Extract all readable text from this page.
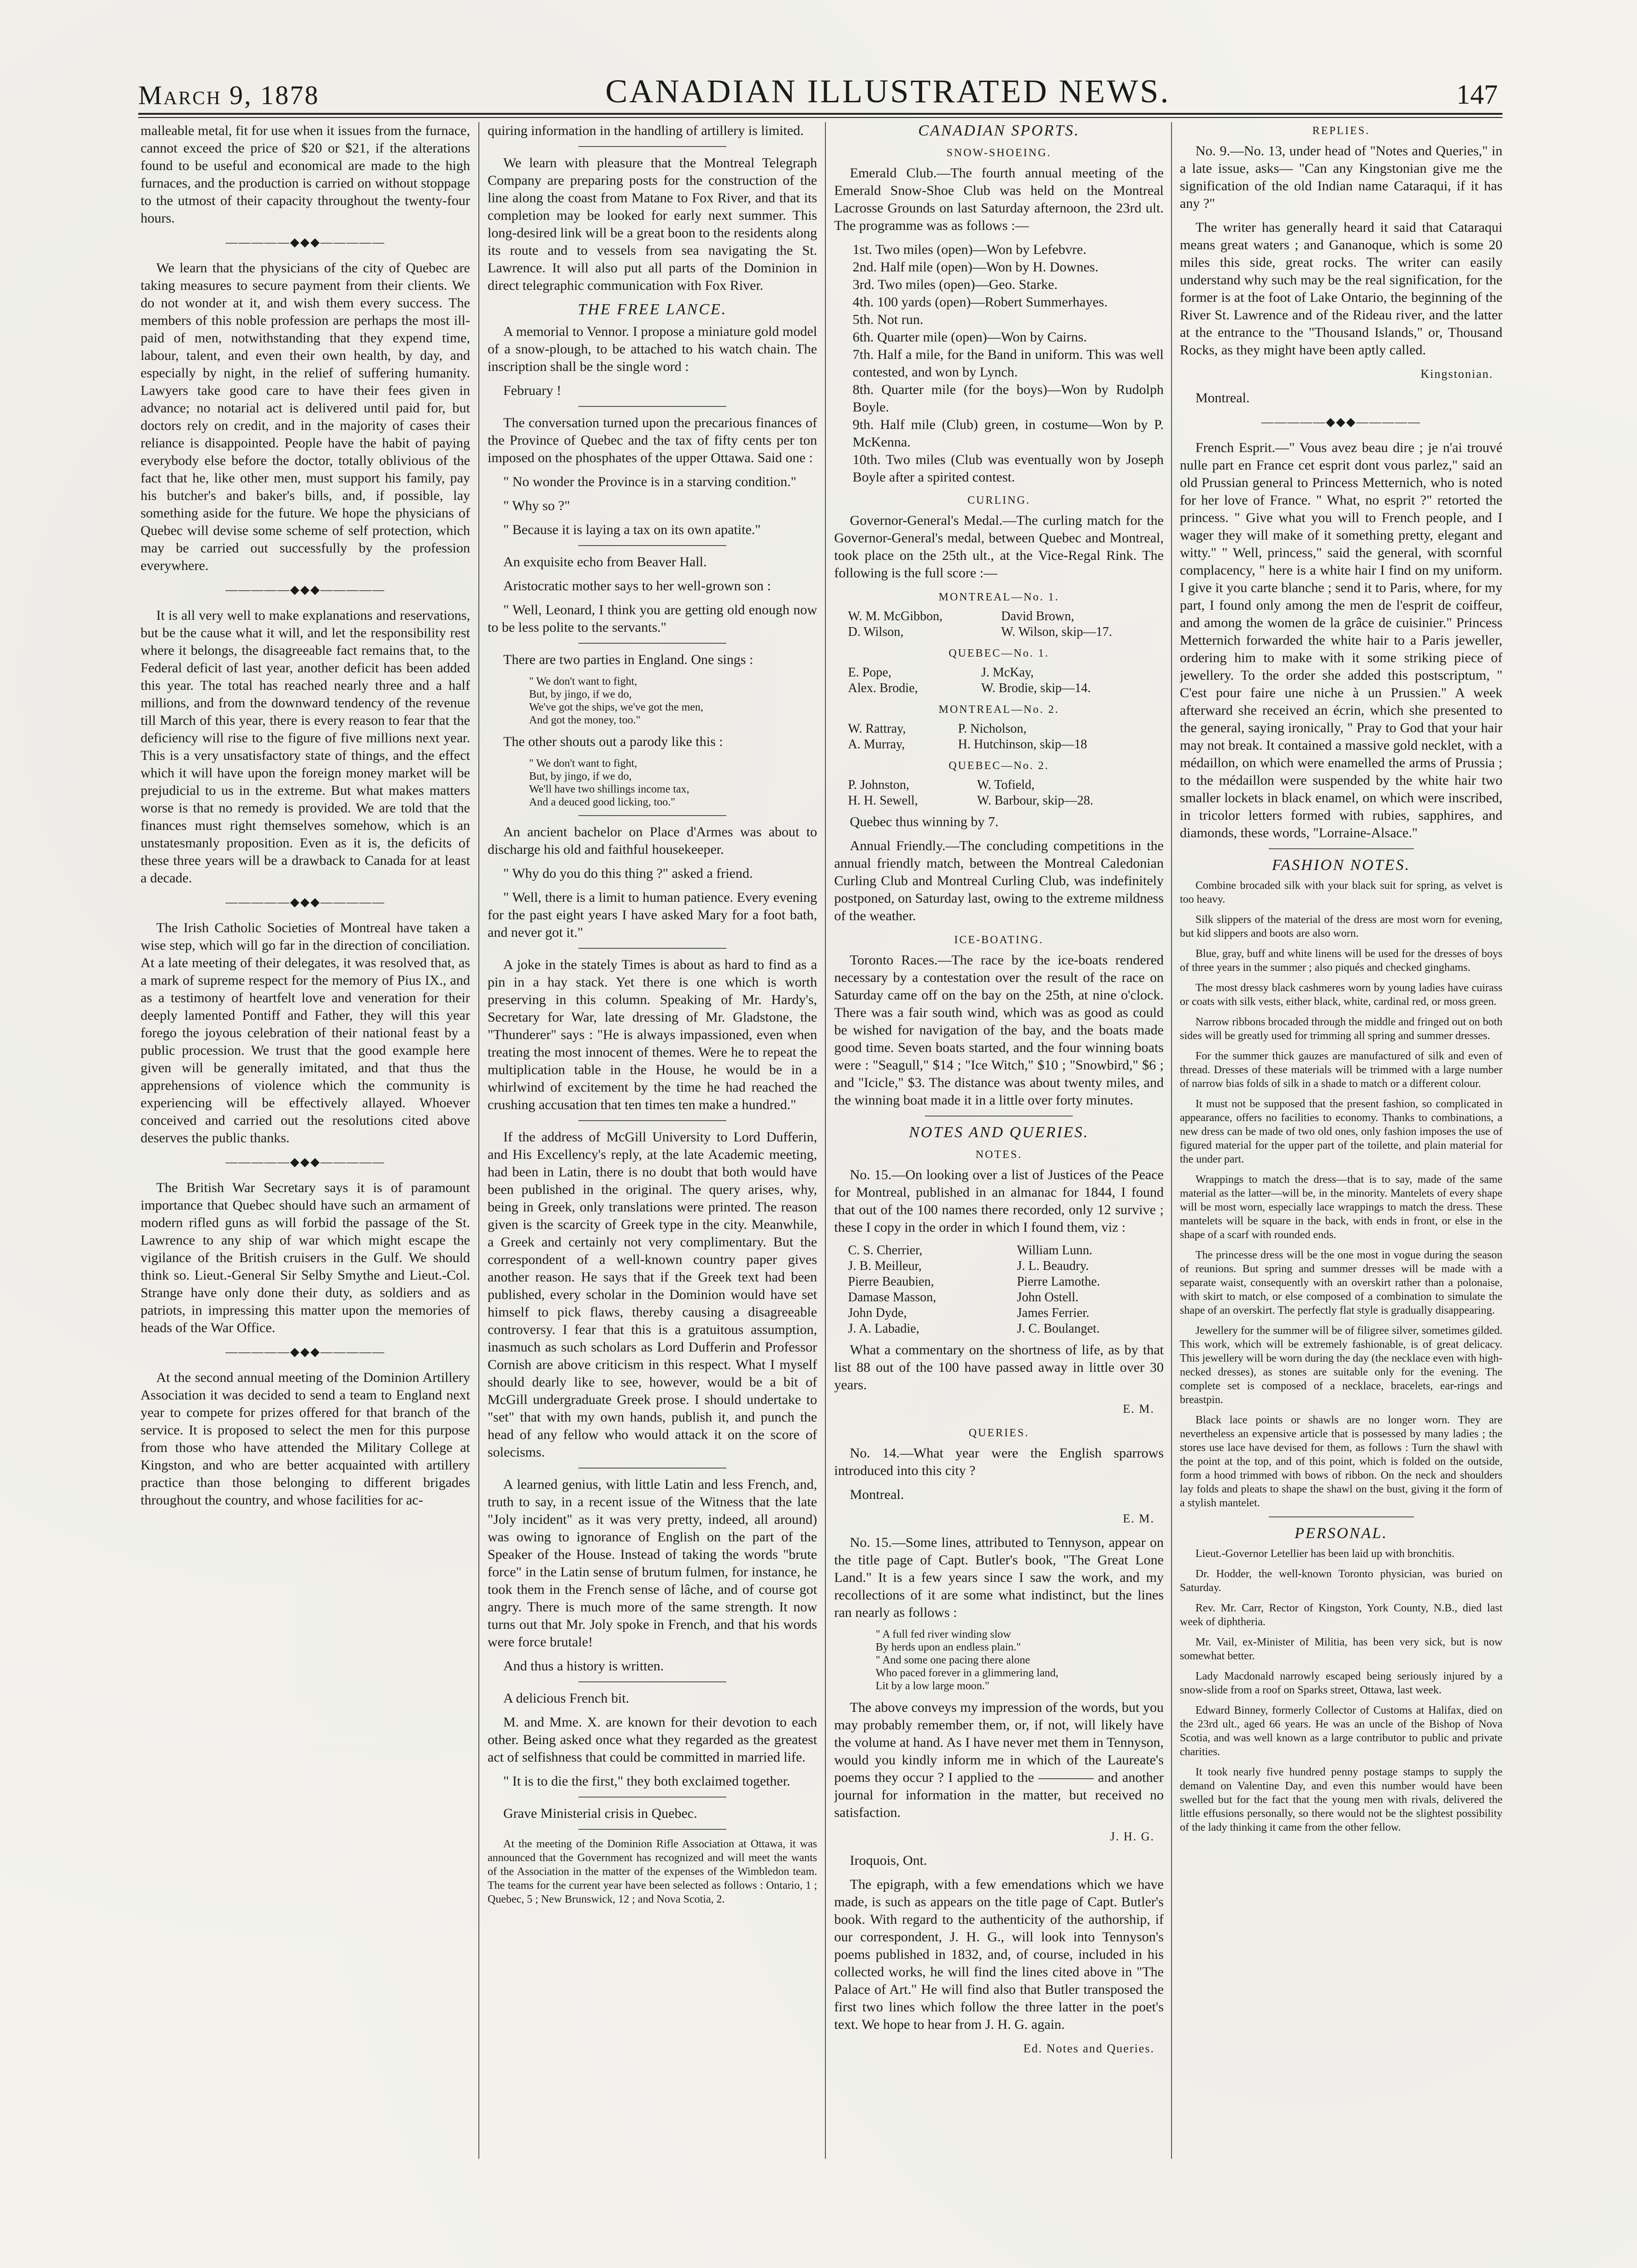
March 9, 1878	CANADIAN ILLUSTRATED NEWS.	147

malleable metal, fit for use when it issues from the furnace, cannot exceed the price of $20 or $21, if the alterations found to be useful and economical are made to the high furnaces, and the production is carried on without stoppage to the utmost of their capacity throughout the twenty-four hours.

—————◆◆◆—————

We learn that the physicians of the city of Quebec are taking measures to secure payment from their clients. We do not wonder at it, and wish them every success. The members of this noble profession are perhaps the most ill-paid of men, notwithstanding that they expend time, labour, talent, and even their own health, by day, and especially by night, in the relief of suffering humanity. Lawyers take good care to have their fees given in advance; no notarial act is delivered until paid for, but doctors rely on credit, and in the majority of cases their reliance is disappointed. People have the habit of paying everybody else before the doctor, totally oblivious of the fact that he, like other men, must support his family, pay his butcher's and baker's bills, and, if possible, lay something aside for the future. We hope the physicians of Quebec will devise some scheme of self protection, which may be carried out successfully by the profession everywhere.

—————◆◆◆—————

It is all very well to make explanations and reservations, but be the cause what it will, and let the responsibility rest where it belongs, the disagreeable fact remains that, to the Federal deficit of last year, another deficit has been added this year. The total has reached nearly three and a half millions, and from the downward tendency of the revenue till March of this year, there is every reason to fear that the deficiency will rise to the figure of five millions next year. This is a very unsatisfactory state of things, and the effect which it will have upon the foreign money market will be prejudicial to us in the extreme. But what makes matters worse is that no remedy is provided. We are told that the finances must right themselves somehow, which is an unstatesmanly proposition. Even as it is, the deficits of these three years will be a drawback to Canada for at least a decade.

—————◆◆◆—————

The Irish Catholic Societies of Montreal have taken a wise step, which will go far in the direction of conciliation. At a late meeting of their delegates, it was resolved that, as a mark of supreme respect for the memory of Pius IX., and as a testimony of heartfelt love and veneration for their deeply lamented Pontiff and Father, they will this year forego the joyous celebration of their national feast by a public procession. We trust that the good example here given will be generally imitated, and that thus the apprehensions of violence which the community is experiencing will be effectively allayed. Whoever conceived and carried out the resolutions cited above deserves the public thanks.

—————◆◆◆—————

The British War Secretary says it is of paramount importance that Quebec should have such an armament of modern rifled guns as will forbid the passage of the St. Lawrence to any ship of war which might escape the vigilance of the British cruisers in the Gulf. We should think so. Lieut.-General Sir Selby Smythe and Lieut.-Col. Strange have only done their duty, as soldiers and as patriots, in impressing this matter upon the memories of heads of the War Office.

—————◆◆◆—————

At the second annual meeting of the Dominion Artillery Association it was decided to send a team to England next year to compete for prizes offered for that branch of the service. It is proposed to select the men for this purpose from those who have attended the Military College at Kingston, and who are better acquainted with artillery practice than those belonging to different brigades throughout the country, and whose facilities for ac-

quiring information in the handling of artillery is limited.

We learn with pleasure that the Montreal Telegraph Company are preparing posts for the construction of the line along the coast from Matane to Fox River, and that its completion may be looked for early next summer. This long-desired link will be a great boon to the residents along its route and to vessels from sea navigating the St. Lawrence. It will also put all parts of the Dominion in direct telegraphic communication with Fox River.

THE FREE LANCE.

A memorial to Vennor. I propose a miniature gold model of a snow-plough, to be attached to his watch chain. The inscription shall be the single word :

February !

The conversation turned upon the precarious finances of the Province of Quebec and the tax of fifty cents per ton imposed on the phosphates of the upper Ottawa. Said one :

" No wonder the Province is in a starving condition."

" Why so ?"

" Because it is laying a tax on its own apatite."

An exquisite echo from Beaver Hall.

Aristocratic mother says to her well-grown son :

" Well, Leonard, I think you are getting old enough now to be less polite to the servants."

There are two parties in England. One sings :

" We don't want to fight,
But, by jingo, if we do,
We've got the ships, we've got the men,
And got the money, too."

The other shouts out a parody like this :

" We don't want to fight,
But, by jingo, if we do,
We'll have two shillings income tax,
And a deuced good licking, too."

An ancient bachelor on Place d'Armes was about to discharge his old and faithful housekeeper.

" Why do you do this thing ?" asked a friend.

" Well, there is a limit to human patience. Every evening for the past eight years I have asked Mary for a foot bath, and never got it."

A joke in the stately Times is about as hard to find as a pin in a hay stack. Yet there is one which is worth preserving in this column. Speaking of Mr. Hardy's, Secretary for War, late dressing of Mr. Gladstone, the "Thunderer" says : "He is always impassioned, even when treating the most innocent of themes. Were he to repeat the multiplication table in the House, he would be in a whirlwind of excitement by the time he had reached the crushing accusation that ten times ten make a hundred."

If the address of McGill University to Lord Dufferin, and His Excellency's reply, at the late Academic meeting, had been in Latin, there is no doubt that both would have been published in the original. The query arises, why, being in Greek, only translations were printed. The reason given is the scarcity of Greek type in the city. Meanwhile, a Greek and certainly not very complimentary. But the correspondent of a well-known country paper gives another reason. He says that if the Greek text had been published, every scholar in the Dominion would have set himself to pick flaws, thereby causing a disagreeable controversy. I fear that this is a gratuitous assumption, inasmuch as such scholars as Lord Dufferin and Professor Cornish are above criticism in this respect. What I myself should dearly like to see, however, would be a bit of McGill undergraduate Greek prose. I should undertake to "set" that with my own hands, publish it, and punch the head of any fellow who would attack it on the score of solecisms.

A learned genius, with little Latin and less French, and, truth to say, in a recent issue of the Witness that the late "Joly incident" as it was very pretty, indeed, all around) was owing to ignorance of English on the part of the Speaker of the House. Instead of taking the words "brute force" in the Latin sense of brutum fulmen, for instance, he took them in the French sense of lâche, and of course got angry. There is much more of the same strength. It now turns out that Mr. Joly spoke in French, and that his words were force brutale!

And thus a history is written.

A delicious French bit.

M. and Mme. X. are known for their devotion to each other. Being asked once what they regarded as the greatest act of selfishness that could be committed in married life.

" It is to die the first," they both exclaimed together.

Grave Ministerial crisis in Quebec.

At the meeting of the Dominion Rifle Association at Ottawa, it was announced that the Government has recognized and will meet the wants of the Association in the matter of the expenses of the Wimbledon team. The teams for the current year have been selected as follows : Ontario, 1 ; Quebec, 5 ; New Brunswick, 12 ; and Nova Scotia, 2.

CANADIAN SPORTS.
SNOW-SHOEING.

Emerald Club.—The fourth annual meeting of the Emerald Snow-Shoe Club was held on the Montreal Lacrosse Grounds on last Saturday afternoon, the 23rd ult. The programme was as follows :—

1st. Two miles (open)—Won by Lefebvre.
2nd. Half mile (open)—Won by H. Downes.
3rd. Two miles (open)—Geo. Starke.
4th. 100 yards (open)—Robert Summerhayes.
5th. Not run.
6th. Quarter mile (open)—Won by Cairns.
7th. Half a mile, for the Band in uniform. This was well contested, and won by Lynch.
8th. Quarter mile (for the boys)—Won by Rudolph Boyle.
9th. Half mile (Club) green, in costume—Won by P. McKenna.
10th. Two miles (Club was eventually won by Joseph Boyle after a spirited contest.
CURLING.

Governor-General's Medal.—The curling match for the Governor-General's medal, between Quebec and Montreal, took place on the 25th ult., at the Vice-Regal Rink. The following is the full score :—

MONTREAL—No. 1.
W. M. McGibbon,	David Brown,
D. Wilson,	W. Wilson, skip—17.
QUEBEC—No. 1.
E. Pope,	J. McKay,
Alex. Brodie,	W. Brodie, skip—14.
MONTREAL—No. 2.
W. Rattray,	P. Nicholson,
A. Murray,	H. Hutchinson, skip—18
QUEBEC—No. 2.
P. Johnston,	W. Tofield,
H. H. Sewell,	W. Barbour, skip—28.

Quebec thus winning by 7.

Annual Friendly.—The concluding competitions in the annual friendly match, between the Montreal Caledonian Curling Club and Montreal Curling Club, was indefinitely postponed, on Saturday last, owing to the extreme mildness of the weather.

ICE-BOATING.

Toronto Races.—The race by the ice-boats rendered necessary by a contestation over the result of the race on Saturday came off on the bay on the 25th, at nine o'clock. There was a fair south wind, which was as good as could be wished for navigation of the bay, and the boats made good time. Seven boats started, and the four winning boats were : "Seagull," $14 ; "Ice Witch," $10 ; "Snowbird," $6 ; and "Icicle," $3. The distance was about twenty miles, and the winning boat made it in a little over forty minutes.

NOTES AND QUERIES.
NOTES.

No. 15.—On looking over a list of Justices of the Peace for Montreal, published in an almanac for 1844, I found that out of the 100 names there recorded, only 12 survive ; these I copy in the order in which I found them, viz :

C. S. Cherrier,	William Lunn.
J. B. Meilleur,	J. L. Beaudry.
Pierre Beaubien,	Pierre Lamothe.
Damase Masson,	John Ostell.
John Dyde,	James Ferrier.
J. A. Labadie,	J. C. Boulanget.

What a commentary on the shortness of life, as by that list 88 out of the 100 have passed away in little over 30 years.

E. M.
QUERIES.

No. 14.—What year were the English sparrows introduced into this city ?

Montreal.

E. M.

No. 15.—Some lines, attributed to Tennyson, appear on the title page of Capt. Butler's book, "The Great Lone Land." It is a few years since I saw the work, and my recollections of it are some what indistinct, but the lines ran nearly as follows :

" A full fed river winding slow
By herds upon an endless plain."
" And some one pacing there alone
Who paced forever in a glimmering land,
Lit by a low large moon."

The above conveys my impression of the words, but you may probably remember them, or, if not, will likely have the volume at hand. As I have never met them in Tennyson, would you kindly inform me in which of the Laureate's poems they occur ? I applied to the ———— and another journal for information in the matter, but received no satisfaction.

J. H. G.

Iroquois, Ont.

The epigraph, with a few emendations which we have made, is such as appears on the title page of Capt. Butler's book. With regard to the authenticity of the authorship, if our correspondent, J. H. G., will look into Tennyson's poems published in 1832, and, of course, included in his collected works, he will find the lines cited above in "The Palace of Art." He will find also that Butler transposed the first two lines which follow the three latter in the poet's text. We hope to hear from J. H. G. again.

Ed. Notes and Queries.
REPLIES.

No. 9.—No. 13, under head of "Notes and Queries," in a late issue, asks— "Can any Kingstonian give me the signification of the old Indian name Cataraqui, if it has any ?"

The writer has generally heard it said that Cataraqui means great waters ; and Gananoque, which is some 20 miles this side, great rocks. The writer can easily understand why such may be the real signification, for the former is at the foot of Lake Ontario, the beginning of the River St. Lawrence and of the Rideau river, and the latter at the entrance to the "Thousand Islands," or, Thousand Rocks, as they might have been aptly called.

Kingstonian.

Montreal.

—————◆◆◆—————

French Esprit.—" Vous avez beau dire ; je n'ai trouvé nulle part en France cet esprit dont vous parlez," said an old Prussian general to Princess Metternich, who is noted for her love of France. " What, no esprit ?" retorted the princess. " Give what you will to French people, and I wager they will make of it something pretty, elegant and witty." " Well, princess," said the general, with scornful complacency, " here is a white hair I find on my uniform. I give it you carte blanche ; send it to Paris, where, for my part, I found only among the men de l'esprit de coiffeur, and among the women de la grâce de cuisinier." Princess Metternich forwarded the white hair to a Paris jeweller, ordering him to make with it some striking piece of jewellery. To the order she added this postscriptum, " C'est pour faire une niche à un Prussien." A week afterward she received an écrin, which she presented to the general, saying ironically, " Pray to God that your hair may not break. It contained a massive gold necklet, with a médaillon, on which were enamelled the arms of Prussia ; to the médaillon were suspended by the white hair two smaller lockets in black enamel, on which were inscribed, in tricolor letters formed with rubies, sapphires, and diamonds, these words, "Lorraine-Alsace."

FASHION NOTES.

Combine brocaded silk with your black suit for spring, as velvet is too heavy.

Silk slippers of the material of the dress are most worn for evening, but kid slippers and boots are also worn.

Blue, gray, buff and white linens will be used for the dresses of boys of three years in the summer ; also piqués and checked ginghams.

The most dressy black cashmeres worn by young ladies have cuirass or coats with silk vests, either black, white, cardinal red, or moss green.

Narrow ribbons brocaded through the middle and fringed out on both sides will be greatly used for trimming all spring and summer dresses.

For the summer thick gauzes are manufactured of silk and even of thread. Dresses of these materials will be trimmed with a large number of narrow bias folds of silk in a shade to match or a different colour.

It must not be supposed that the present fashion, so complicated in appearance, offers no facilities to economy. Thanks to combinations, a new dress can be made of two old ones, only fashion imposes the use of figured material for the upper part of the toilette, and plain material for the under part.

Wrappings to match the dress—that is to say, made of the same material as the latter—will be, in the minority. Mantelets of every shape will be most worn, especially lace wrappings to match the dress. These mantelets will be square in the back, with ends in front, or else in the shape of a scarf with rounded ends.

The princesse dress will be the one most in vogue during the season of reunions. But spring and summer dresses will be made with a separate waist, consequently with an overskirt rather than a polonaise, with skirt to match, or else composed of a combination to simulate the shape of an overskirt. The perfectly flat style is gradually disappearing.

Jewellery for the summer will be of filigree silver, sometimes gilded. This work, which will be extremely fashionable, is of great delicacy. This jewellery will be worn during the day (the necklace even with high-necked dresses), as stones are suitable only for the evening. The complete set is composed of a necklace, bracelets, ear-rings and breastpin.

Black lace points or shawls are no longer worn. They are nevertheless an expensive article that is possessed by many ladies ; the stores use lace have devised for them, as follows : Turn the shawl with the point at the top, and of this point, which is folded on the outside, form a hood trimmed with bows of ribbon. On the neck and shoulders lay folds and pleats to shape the shawl on the bust, giving it the form of a stylish mantelet.

PERSONAL.

Lieut.-Governor Letellier has been laid up with bronchitis.

Dr. Hodder, the well-known Toronto physician, was buried on Saturday.

Rev. Mr. Carr, Rector of Kingston, York County, N.B., died last week of diphtheria.

Mr. Vail, ex-Minister of Militia, has been very sick, but is now somewhat better.

Lady Macdonald narrowly escaped being seriously injured by a snow-slide from a roof on Sparks street, Ottawa, last week.

Edward Binney, formerly Collector of Customs at Halifax, died on the 23rd ult., aged 66 years. He was an uncle of the Bishop of Nova Scotia, and was well known as a large contributor to public and private charities.

It took nearly five hundred penny postage stamps to supply the demand on Valentine Day, and even this number would have been swelled but for the fact that the young men with rivals, delivered the little effusions personally, so there would not be the slightest possibility of the lady thinking it came from the other fellow.
